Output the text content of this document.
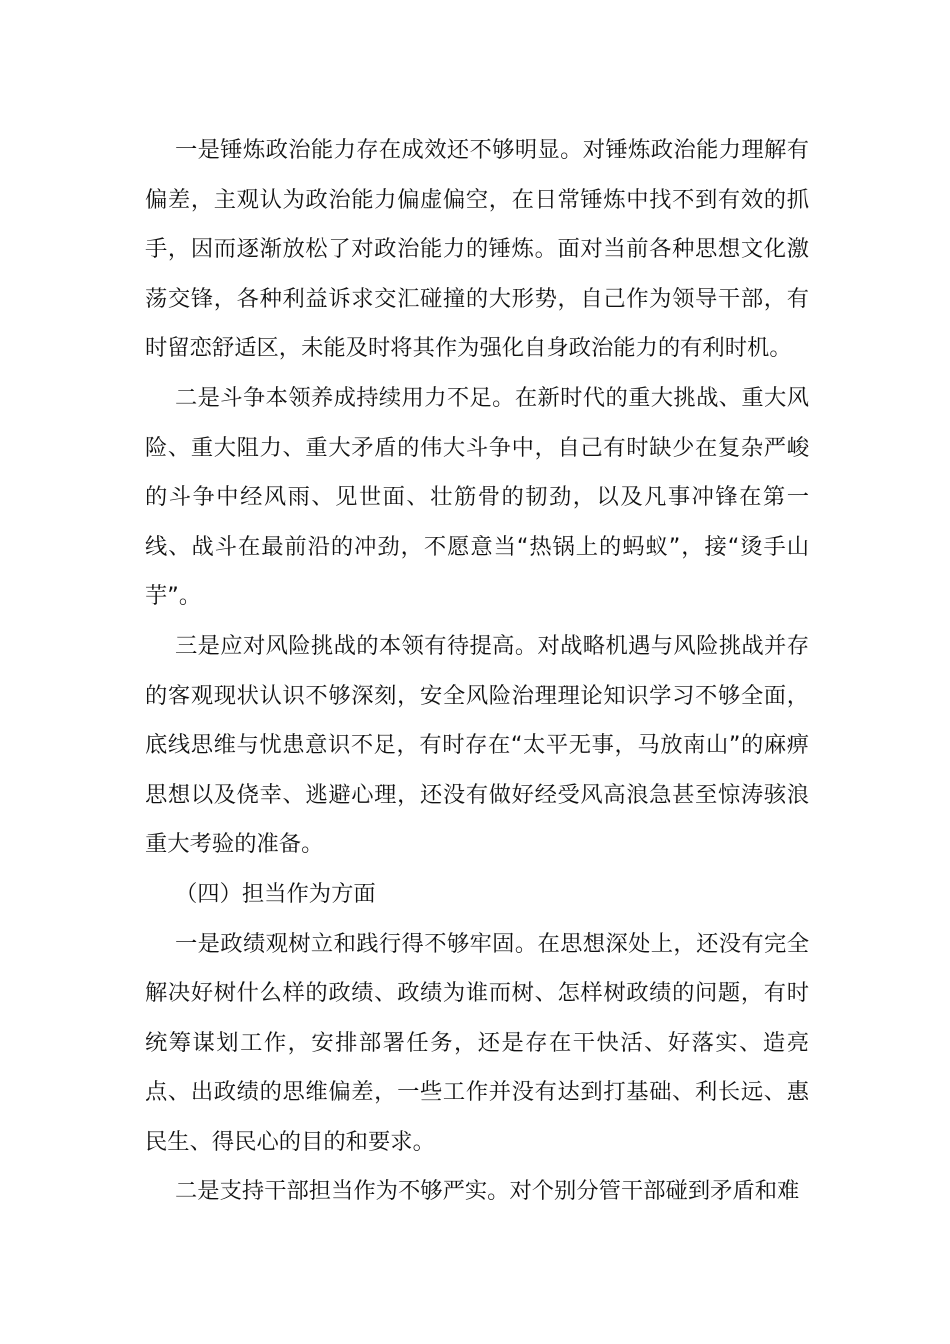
一是锤炼政治能力存在成效还不够明显。对锤炼政治能力理解有偏差，主观认为政治能力偏虚偏空，在日常锤炼中找不到有效的抓手，因而逐渐放松了对政治能力的锤炼。面对当前各种思想文化激荡交锋，各种利益诉求交汇碰撞的大形势，自己作为领导干部，有时留恋舒适区，未能及时将其作为强化自身政治能力的有利时机。

二是斗争本领养成持续用力不足。在新时代的重大挑战、重大风险、重大阻力、重大矛盾的伟大斗争中，自己有时缺少在复杂严峻的斗争中经风雨、见世面、壮筋骨的韧劲，以及凡事冲锋在第一线、战斗在最前沿的冲劲，不愿意当“热锅上的蚂蚁”，接“烫手山芋”。

三是应对风险挑战的本领有待提高。对战略机遇与风险挑战并存的客观现状认识不够深刻，安全风险治理理论知识学习不够全面，底线思维与忧患意识不足，有时存在“太平无事，马放南山”的麻痹思想以及侥幸、逃避心理，还没有做好经受风高浪急甚至惊涛骇浪重大考验的准备。

（四）担当作为方面

一是政绩观树立和践行得不够牢固。在思想深处上，还没有完全解决好树什么样的政绩、政绩为谁而树、怎样树政绩的问题，有时统筹谋划工作，安排部署任务，还是存在干快活、好落实、造亮点、出政绩的思维偏差，一些工作并没有达到打基础、利长远、惠民生、得民心的目的和要求。

二是支持干部担当作为不够严实。对个别分管干部碰到矛盾和难
